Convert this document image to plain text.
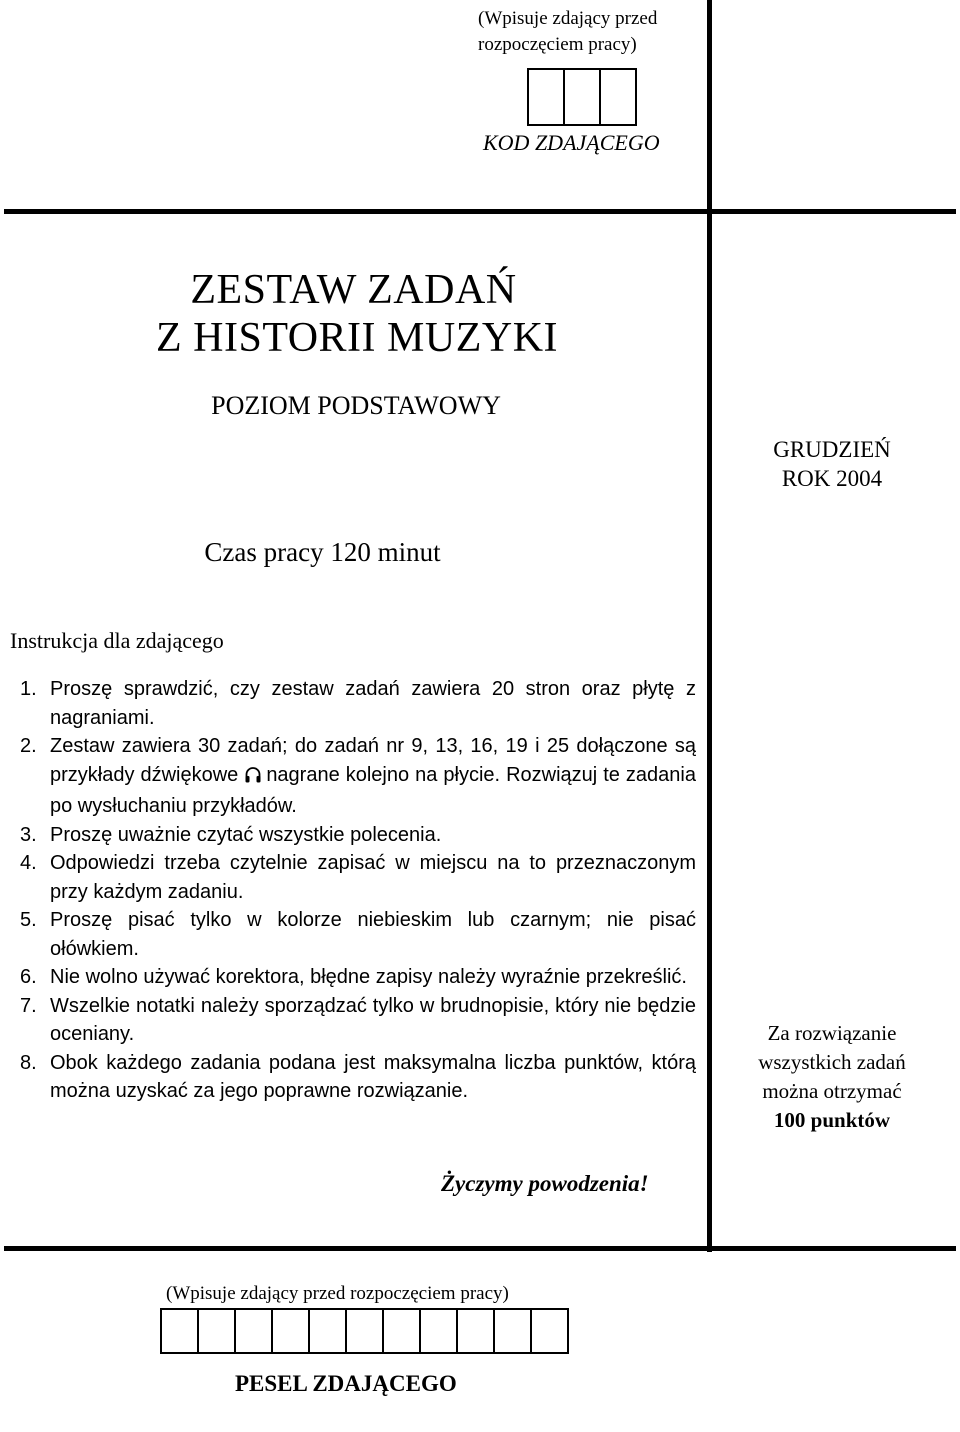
(Wpisuje zdający przed
rozpoczęciem pracy)
KOD ZDAJĄCEGO
ZESTAW ZADAŃ
Z HISTORII MUZYKI
POZIOM PODSTAWOWY
GRUDZIEŃ
ROK 2004
Czas pracy 120 minut
Instrukcja dla zdającego
1. Proszę sprawdzić, czy zestaw zadań zawiera 20 stron oraz płytę z nagraniami.
2. Zestaw zawiera 30 zadań; do zadań nr 9, 13, 16, 19 i 25 dołączone są przykłady dźwiękowe nagrane kolejno na płycie. Rozwiązuj te zadania po wysłuchaniu przykładów.
3. Proszę uważnie czytać wszystkie polecenia.
4. Odpowiedzi trzeba czytelnie zapisać w miejscu na to przeznaczonym przy każdym zadaniu.
5. Proszę pisać tylko w kolorze niebieskim lub czarnym; nie pisać ołówkiem.
6. Nie wolno używać korektora, błędne zapisy należy wyraźnie przekreślić.
7. Wszelkie notatki należy sporządzać tylko w brudnopisie, który nie będzie oceniany.
8. Obok każdego zadania podana jest maksymalna liczba punktów, którą można uzyskać za jego poprawne rozwiązanie.
Za rozwiązanie
wszystkich zadań
można otrzymać
100 punktów
Życzymy powodzenia!
(Wpisuje zdający przed rozpoczęciem pracy)
PESEL ZDAJĄCEGO
